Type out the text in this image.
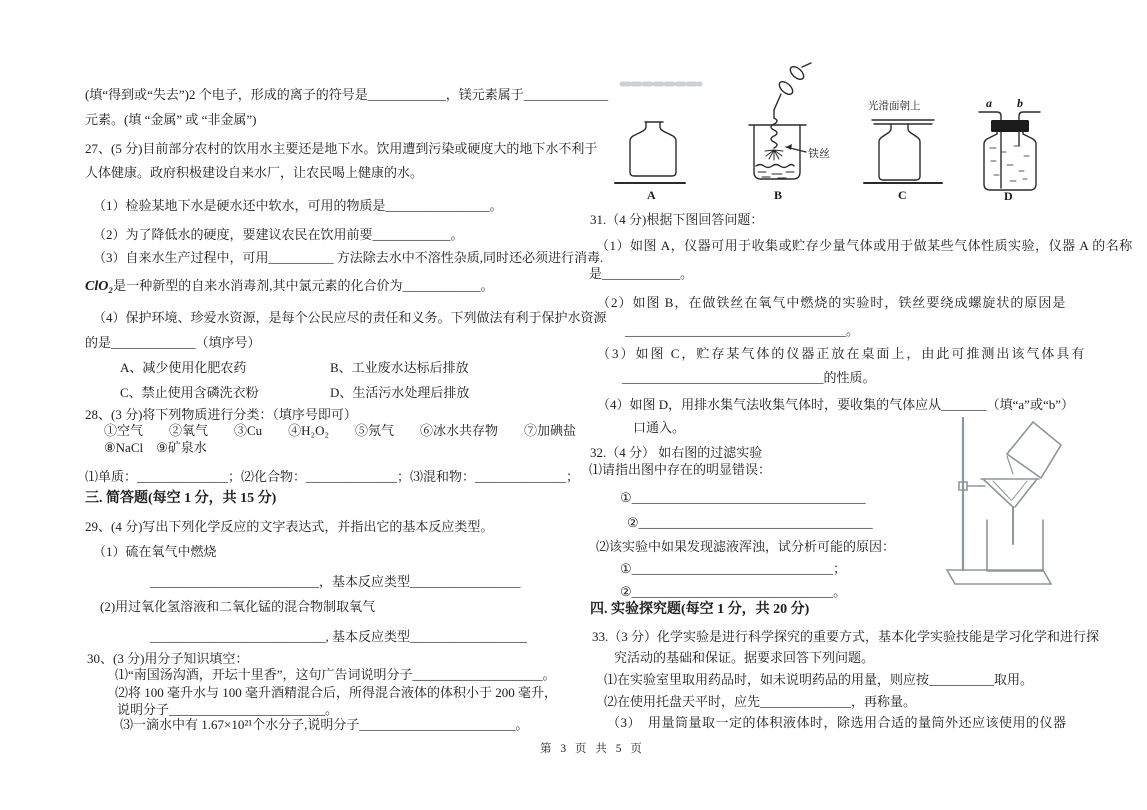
(填“得到或“失去”)2 个电子，形成的离子的符号是____________，镁元素属于_____________
元素。(填 “金属” 或 “非金属”)
27、(5 分)目前部分农村的饮用水主要还是地下水。饮用遭到污染或硬度大的地下水不利于
人体健康。政府积极建设自来水厂，让农民喝上健康的水。
（1）检验某地下水是硬水还中软水，可用的物质是________________。
（2）为了降低水的硬度，要建议农民在饮用前要____________。
（3）自来水生产过程中，可用__________ 方法除去水中不溶性杂质,同时还必须进行消毒.
ClO₂是一种新型的自来水消毒剂,其中氯元素的化合价为____________。
（4）保护环境、珍爱水资源，是每个公民应尽的责任和义务。下列做法有利于保护水资源
的是_____________（填序号）
A、减少使用化肥农药	B、工业废水达标后排放
C、禁止使用含磷洗衣粉	D、生活污水处理后排放
28、(3 分)将下列物质进行分类：（填序号即可）
①空气　　②氧气　　③Cu　　④H₂O₂　　⑤氖气　　⑥冰水共存物　　⑦加碘盐
⑧NaCl　⑨矿泉水
⑴单质：______________；⑵化合物：______________；⑶混和物：______________；
三. 简答题(每空 1 分，共 15 分)
29、(4 分)写出下列化学反应的文字表达式，并指出它的基本反应类型。
（1）硫在氧气中燃烧
__________________________，基本反应类型_________________
(2)用过氧化氢溶液和二氧化锰的混合物制取氧气
___________________________, 基本反应类型__________________
30、(3 分)用分子知识填空：
⑴“南国汤沟酒，开坛十里香”，这句广告词说明分子____________________。
⑵将 100 毫升水与 100 毫升酒精混合后，所得混合液体的体积小于 200 毫升，
说明分子________________________。
⑶一滴水中有 1.67×10²¹个水分子,说明分子________________________。
31.（4 分)根据下图回答问题：
（1）如图 A，仪器可用于收集或贮存少量气体或用于做某些气体性质实验，仪器 A 的名称
是____________。
（2）如图 B，在做铁丝在氧气中燃烧的实验时，铁丝要绕成螺旋状的原因是
__________________________________。
（3）如图 C，贮存某气体的仪器正放在桌面上，由此可推测出该气体具有
_______________________________的性质。
（4）如图 D，用排水集气法收集气体时，要收集的气体应从_______（填“a”或“b”）
口通入。
32.（4 分） 如右图的过滤实验
⑴请指出图中存在的明显错误：
①____________________________________
②____________________________________
⑵该实验中如果发现滤液浑浊，试分析可能的原因：
①_______________________________；
②_______________________________。
四. 实验探究题(每空 1 分，共 20 分)
33.（3 分）化学实验是进行科学探究的重要方式，基本化学实验技能是学习化学和进行探
究活动的基础和保证。据要求回答下列问题。
⑴在实验室里取用药品时，如未说明药品的用量，则应按__________取用。
⑵在使用托盘天平时，应先______________，再称量。
（3）　用量筒量取一定的体积液体时，除选用合适的量筒外还应该使用的仪器
A	B	C	D
铁丝
光滑面朝上	a b
第 3 页 共 5 页
